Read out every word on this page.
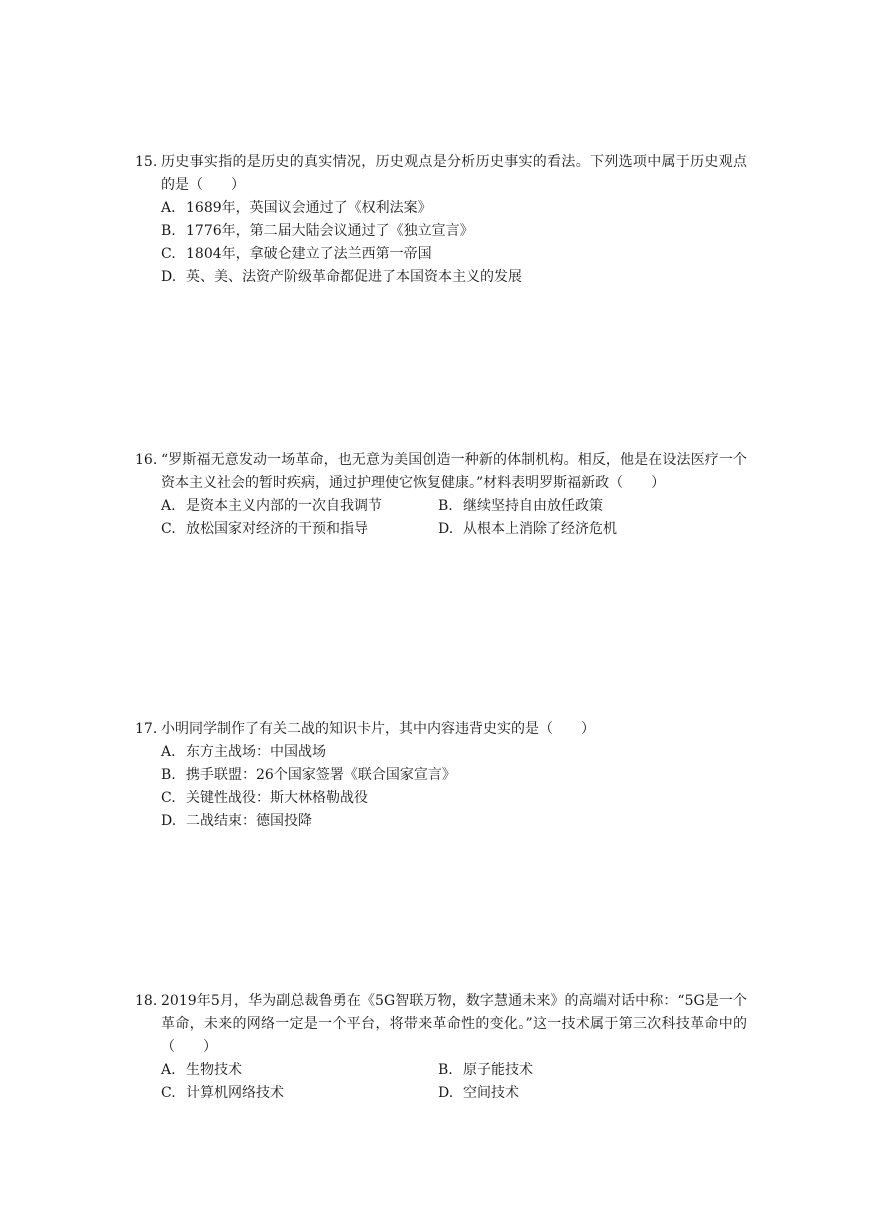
15. 历史事实指的是历史的真实情况，历史观点是分析历史事实的看法。下列选项中属于历史观点的是（　　）
A. 1689年，英国议会通过了《权利法案》
B. 1776年，第二届大陆会议通过了《独立宣言》
C. 1804年，拿破仑建立了法兰西第一帝国
D. 英、美、法资产阶级革命都促进了本国资本主义的发展
16. “罗斯福无意发动一场革命，也无意为美国创造一种新的体制机构。相反，他是在设法医疗一个资本主义社会的暂时疾病，通过护理使它恢复健康。”材料表明罗斯福新政（　　）
A. 是资本主义内部的一次自我调节	B. 继续坚持自由放任政策
C. 放松国家对经济的干预和指导	D. 从根本上消除了经济危机
17. 小明同学制作了有关二战的知识卡片，其中内容违背史实的是（　　）
A. 东方主战场：中国战场
B. 携手联盟：26个国家签署《联合国家宣言》
C. 关键性战役：斯大林格勒战役
D. 二战结束：德国投降
18. 2019年5月，华为副总裁鲁勇在《5G智联万物，数字慧通未来》的高端对话中称：“5G是一个革命，未来的网络一定是一个平台，将带来革命性的变化。”这一技术属于第三次科技革命中的（　　）
A. 生物技术	B. 原子能技术
C. 计算机网络技术	D. 空间技术
